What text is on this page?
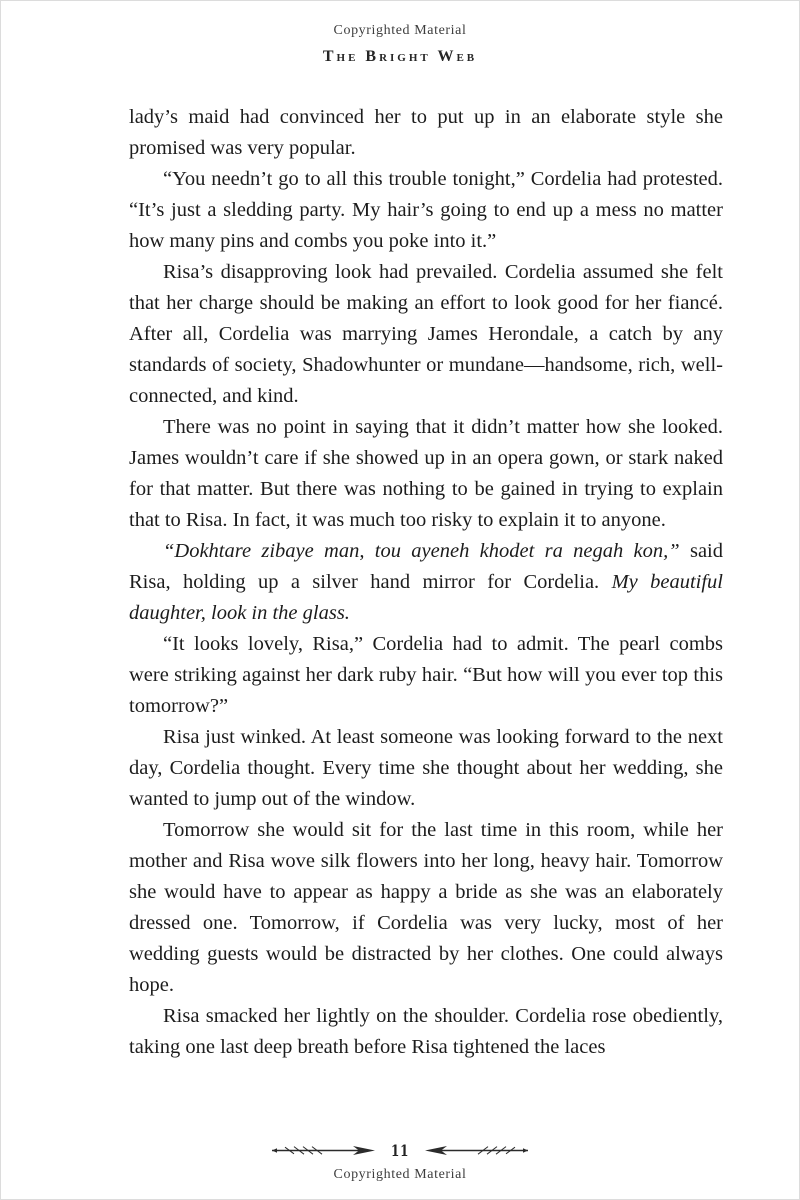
Copyrighted Material
The Bright Web

lady’s maid had convinced her to put up in an elaborate style she promised was very popular.

“You needn’t go to all this trouble tonight,” Cordelia had protested. “It’s just a sledding party. My hair’s going to end up a mess no matter how many pins and combs you poke into it.”

Risa’s disapproving look had prevailed. Cordelia assumed she felt that her charge should be making an effort to look good for her fiancé. After all, Cordelia was marrying James Herondale, a catch by any standards of society, Shadowhunter or mundane—handsome, rich, well-connected, and kind.

There was no point in saying that it didn’t matter how she looked. James wouldn’t care if she showed up in an opera gown, or stark naked for that matter. But there was nothing to be gained in trying to explain that to Risa. In fact, it was much too risky to explain it to anyone.

“Dokhtare zibaye man, tou ayeneh khodet ra negah kon,” said Risa, holding up a silver hand mirror for Cordelia. My beautiful daughter, look in the glass.

“It looks lovely, Risa,” Cordelia had to admit. The pearl combs were striking against her dark ruby hair. “But how will you ever top this tomorrow?”

Risa just winked. At least someone was looking forward to the next day, Cordelia thought. Every time she thought about her wedding, she wanted to jump out of the window.

Tomorrow she would sit for the last time in this room, while her mother and Risa wove silk flowers into her long, heavy hair. Tomorrow she would have to appear as happy a bride as she was an elaborately dressed one. Tomorrow, if Cordelia was very lucky, most of her wedding guests would be distracted by her clothes. One could always hope.

Risa smacked her lightly on the shoulder. Cordelia rose obediently, taking one last deep breath before Risa tightened the laces

11
Copyrighted Material
